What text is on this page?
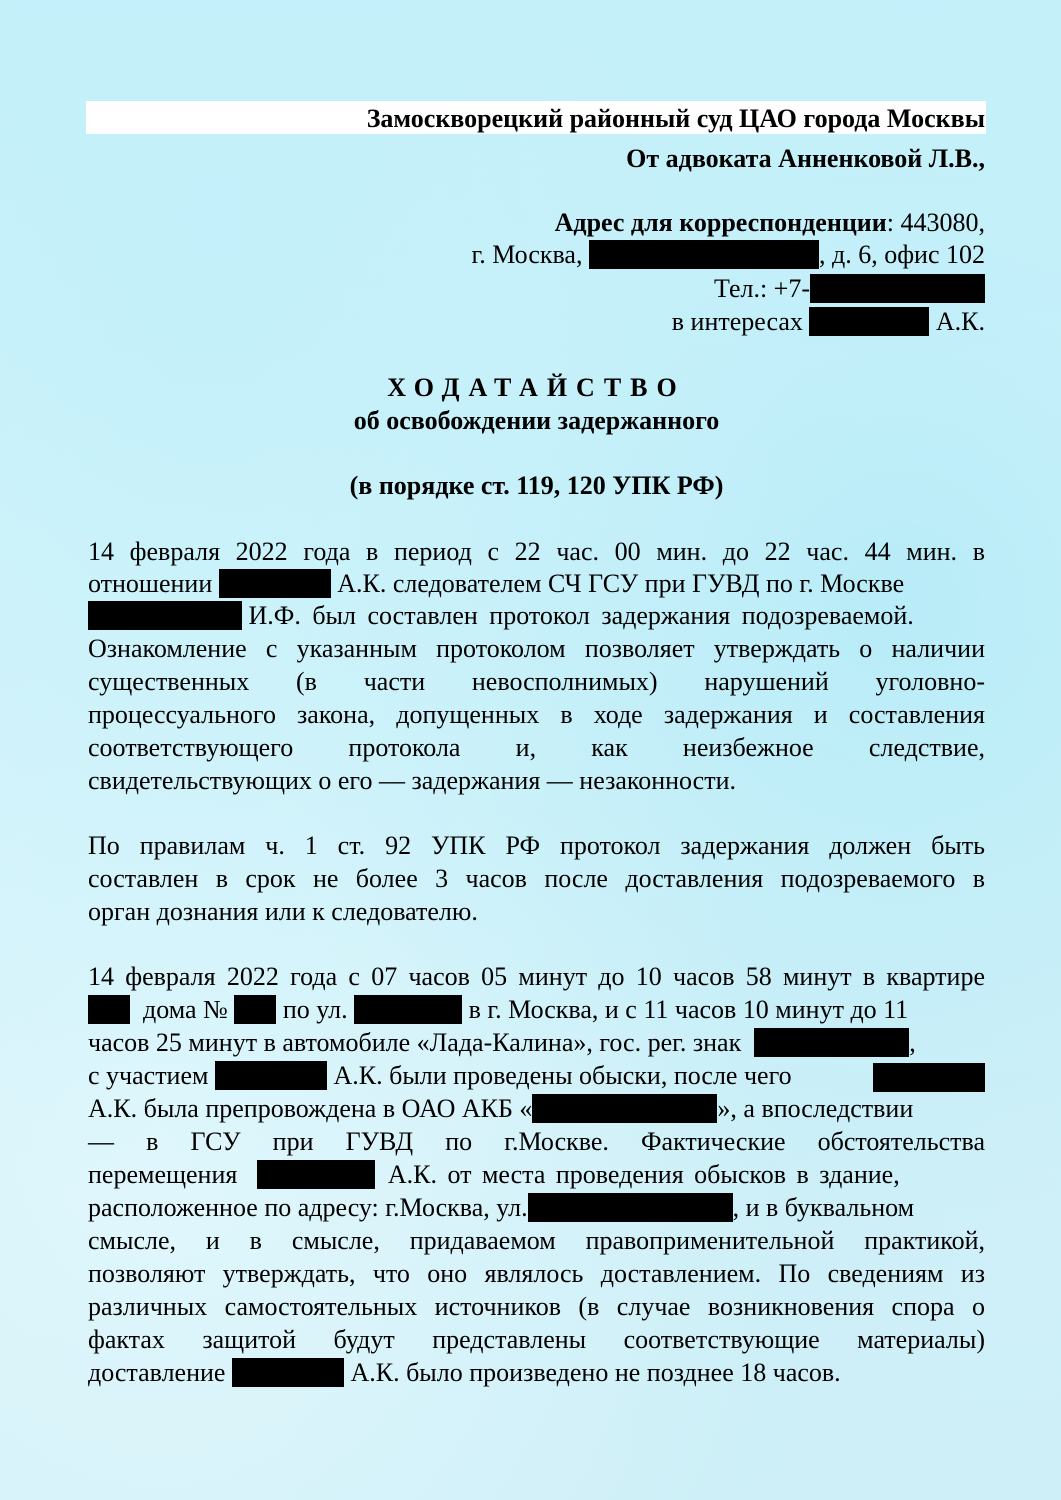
Замоскворецкий районный суд ЦАО города Москвы
От адвоката Анненковой Л.В.,
Адрес для корреспонденции: 443080,
г. Москва,	, д. 6, офис 102
Тел.: +7-
в интересах	А.К.
ХОДАТАЙСТВО
об освобождении задержанного
(в порядке ст. 119, 120 УПК РФ)
14 февраля 2022 года в период с 22 час. 00 мин. до 22 час. 44 мин. в
отношении	А.К. следователем СЧ ГСУ при ГУВД по г. Москве
И.Ф. был составлен протокол задержания подозреваемой.
Ознакомление с указанным протоколом позволяет утверждать о наличии
существенных (в части невосполнимых) нарушений уголовно-
процессуального закона, допущенных в ходе задержания и составления
соответствующего протокола и, как неизбежное следствие,
свидетельствующих о его — задержания — незаконности.
По правилам ч. 1 ст. 92 УПК РФ протокол задержания должен быть
составлен в срок не более 3 часов после доставления подозреваемого в
орган дознания или к следователю.
14 февраля 2022 года с 07 часов 05 минут до 10 часов 58 минут в квартире
дома № по ул.	в г. Москва, и с 11 часов 10 минут до 11
часов 25 минут в автомобиле «Лада-Калина», гос. рег. знак	,
с участием	А.К. были проведены обыски, после чего
А.К. была препровождена в ОАО АКБ «	», а впоследствии
— в ГСУ при ГУВД по г.Москве. Фактические обстоятельства
перемещения	А.К. от места проведения обысков в здание,
расположенное по адресу: г.Москва, ул.	, и в буквальном
смысле, и в смысле, придаваемом правоприменительной практикой,
позволяют утверждать, что оно являлось доставлением. По сведениям из
различных самостоятельных источников (в случае возникновения спора о
фактах защитой будут представлены соответствующие материалы)
доставление	А.К. было произведено не позднее 18 часов.
